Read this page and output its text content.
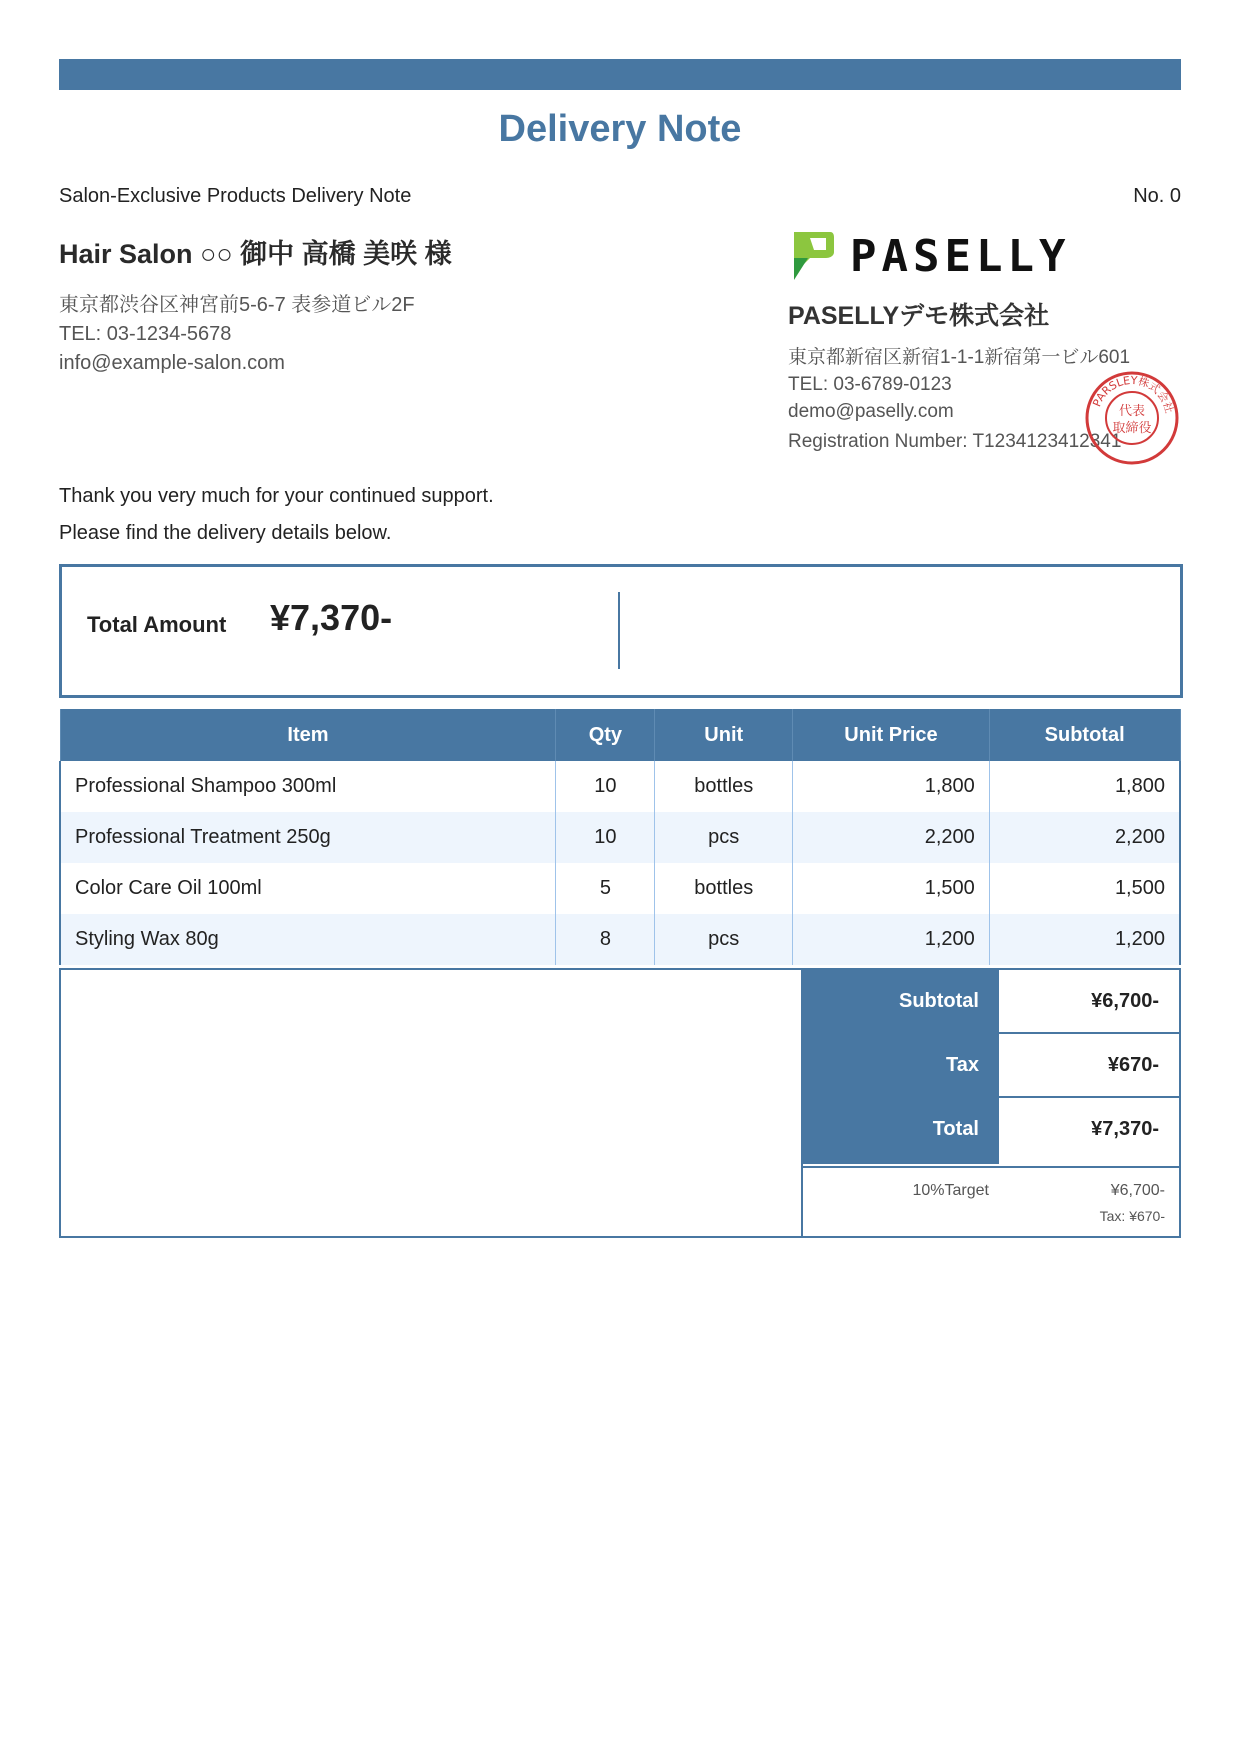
Delivery Note
Salon-Exclusive Products Delivery Note	No. 0
Hair Salon ○○ 御中 高橋 美咲 様
東京都渋谷区神宮前5-6-7 表参道ビル2F
TEL: 03-1234-5678
info@example-salon.com
PASELLY
PASELLYデモ株式会社
東京都新宿区新宿1-1-1新宿第一ビル601
TEL: 03-6789-0123
demo@paselly.com
Registration Number: T1234123412341
PARSLEY株式会社
代表
取締役
Thank you very much for your continued support.
Please find the delivery details below.
Total Amount ¥7,370-
Item	Qty	Unit	Unit Price	Subtotal
Professional Shampoo 300ml	10	bottles	1,800	1,800
Professional Treatment 250g	10	pcs	2,200	2,200
Color Care Oil 100ml	5	bottles	1,500	1,500
Styling Wax 80g	8	pcs	1,200	1,200
Subtotal	¥6,700-
Tax	¥670-
Total	¥7,370-
10%Target	¥6,700-
Tax: ¥670-
